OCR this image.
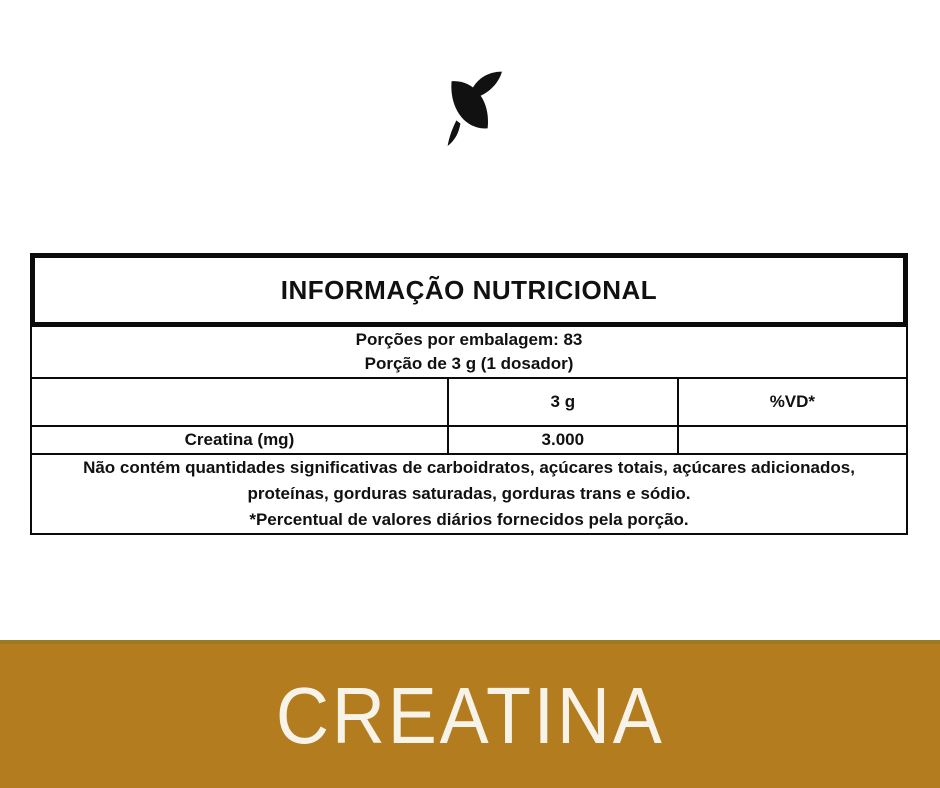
INFORMAÇÃO NUTRICIONAL
Porções por embalagem: 83
Porção de 3 g (1 dosador)
3 g	%VD*
Creatina (mg)	3.000
Não contém quantidades significativas de carboidratos, açúcares totais, açúcares adicionados,
proteínas, gorduras saturadas, gorduras trans e sódio.
*Percentual de valores diários fornecidos pela porção.
CREATINA
